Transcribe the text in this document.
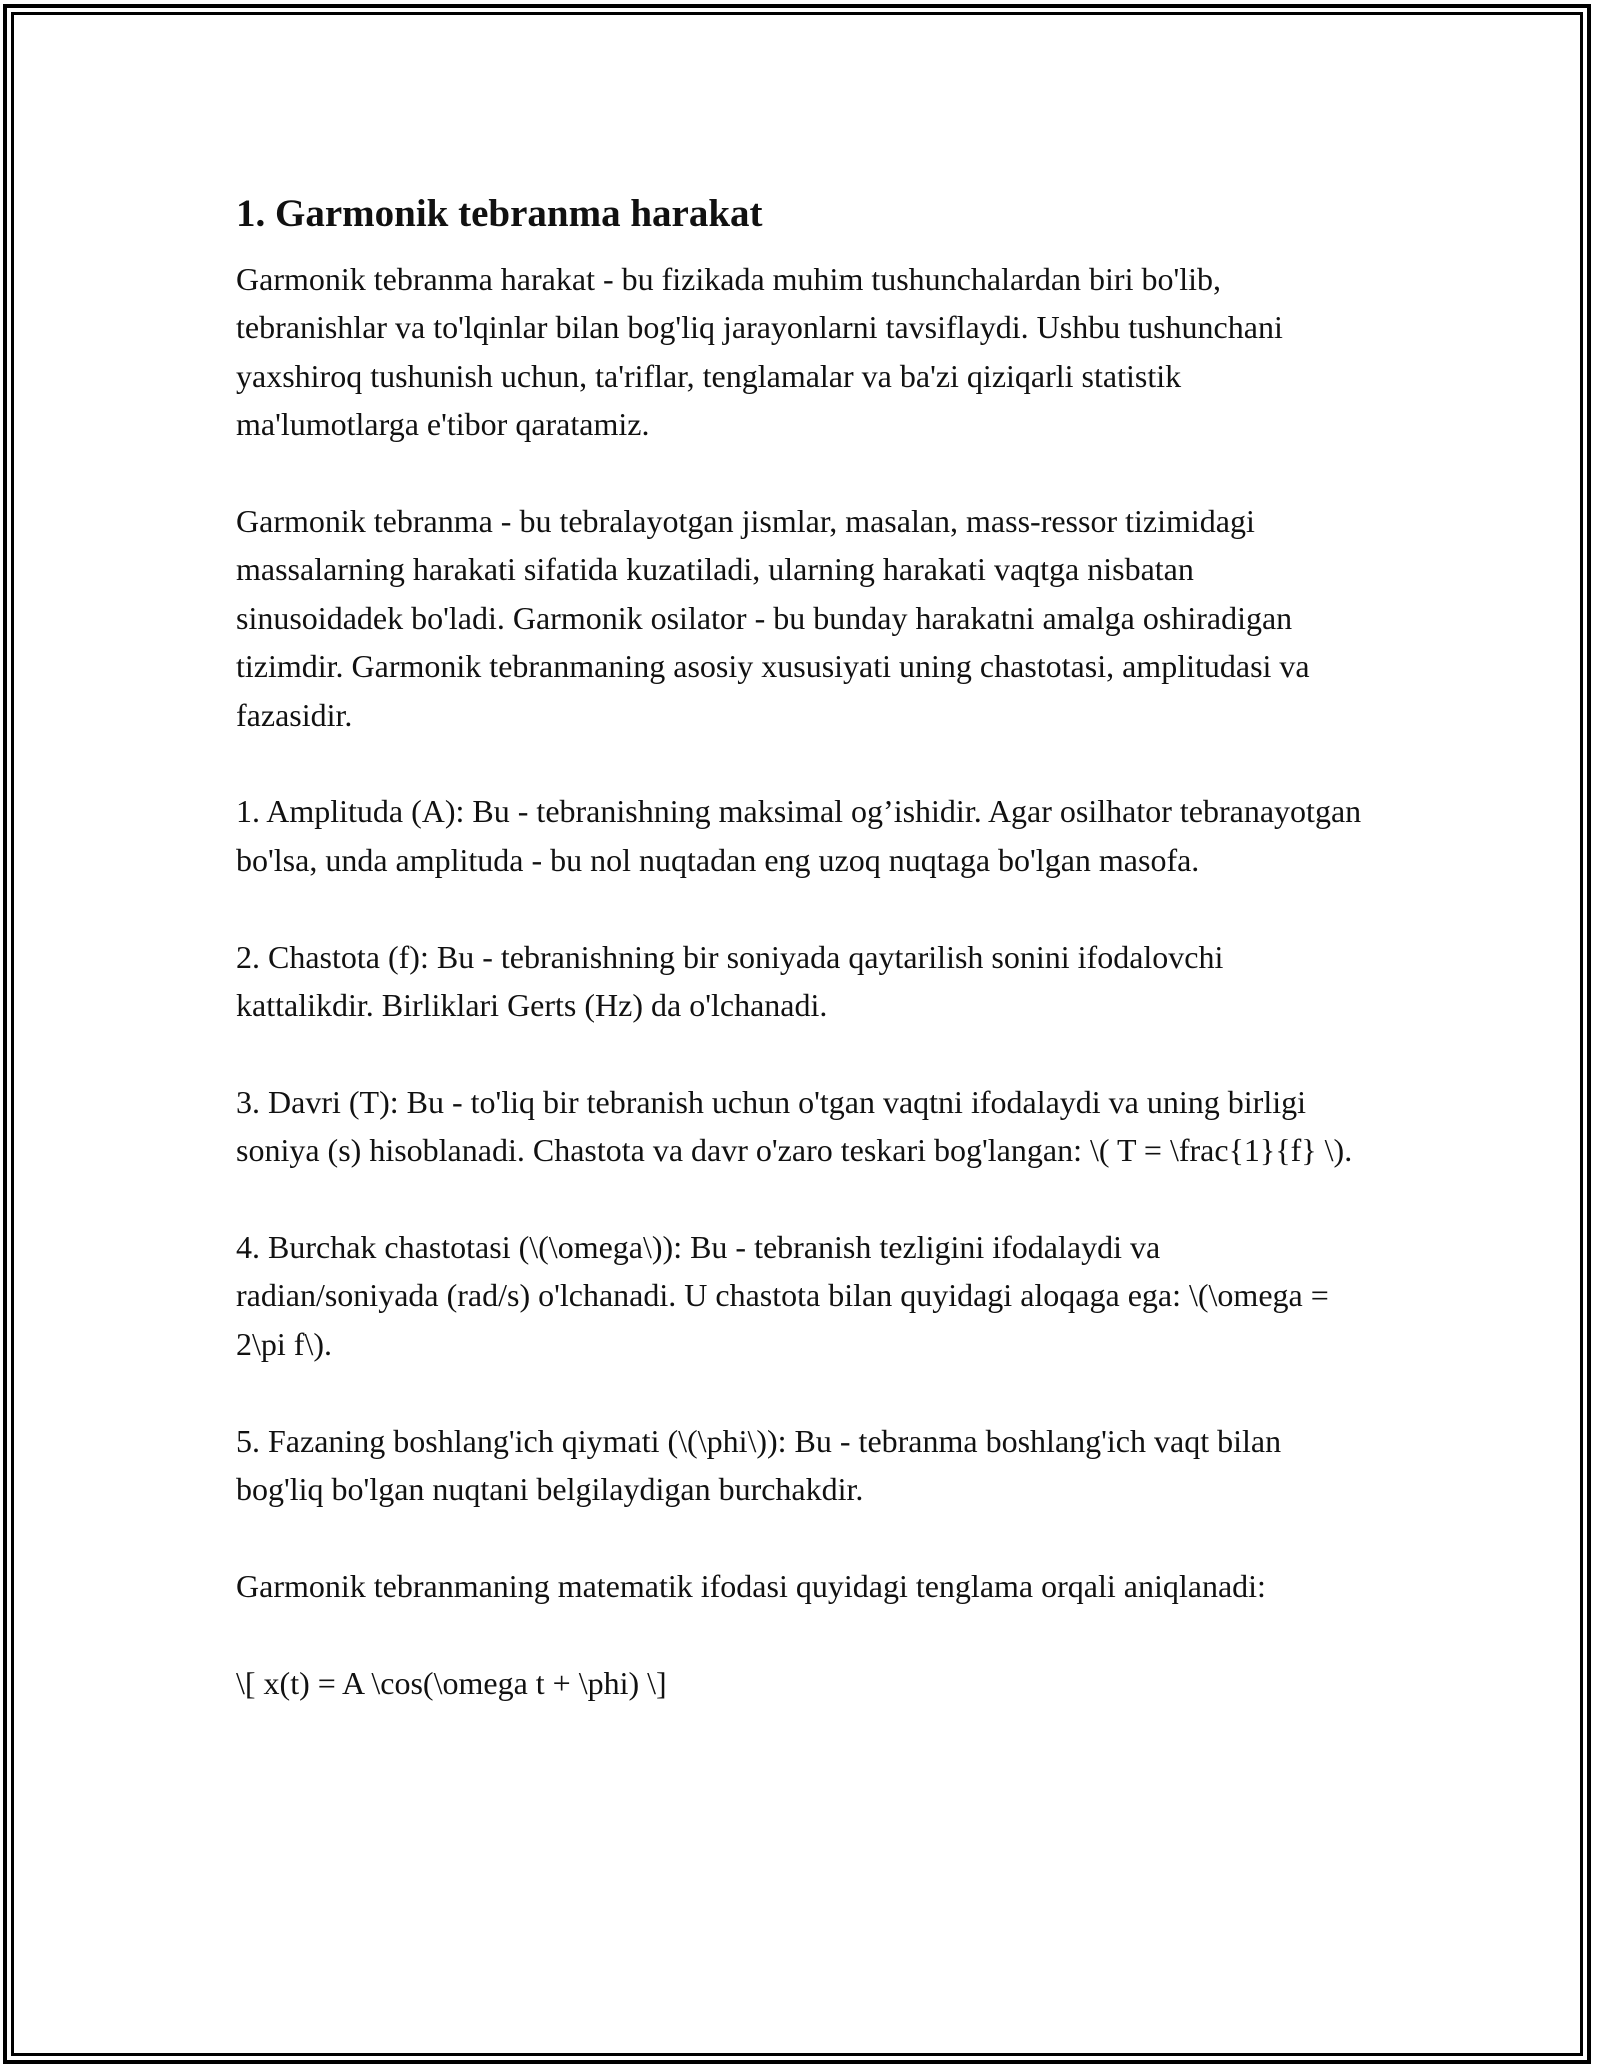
1. Garmonik tebranma harakat

Garmonik tebranma harakat - bu fizikada muhim tushunchalardan biri bo'lib, tebranishlar va to'lqinlar bilan bog'liq jarayonlarni tavsiflaydi. Ushbu tushunchani yaxshiroq tushunish uchun, ta'riflar, tenglamalar va ba'zi qiziqarli statistik ma'lumotlarga e'tibor qaratamiz.

Garmonik tebranma - bu tebralayotgan jismlar, masalan, mass-ressor tizimidagi massalarning harakati sifatida kuzatiladi, ularning harakati vaqtga nisbatan sinusoidadek bo'ladi. Garmonik osilator - bu bunday harakatni amalga oshiradigan tizimdir. Garmonik tebranmaning asosiy xususiyati uning chastotasi, amplitudasi va fazasidir.

1. Amplituda (A): Bu - tebranishning maksimal og’ishidir. Agar osilhator tebranayotgan bo'lsa, unda amplituda - bu nol nuqtadan eng uzoq nuqtaga bo'lgan masofa.

2. Chastota (f): Bu - tebranishning bir soniyada qaytarilish sonini ifodalovchi kattalikdir. Birliklari Gerts (Hz) da o'lchanadi.

3. Davri (T): Bu - to'liq bir tebranish uchun o'tgan vaqtni ifodalaydi va uning birligi soniya (s) hisoblanadi. Chastota va davr o'zaro teskari bog'langan: \( T = \frac{1}{f} \).

4. Burchak chastotasi (\(\omega\)): Bu - tebranish tezligini ifodalaydi va radian/soniyada (rad/s) o'lchanadi. U chastota bilan quyidagi aloqaga ega: \(\omega = 2\pi f\).

5. Fazaning boshlang'ich qiymati (\(\phi\)): Bu - tebranma boshlang'ich vaqt bilan bog'liq bo'lgan nuqtani belgilaydigan burchakdir.

Garmonik tebranmaning matematik ifodasi quyidagi tenglama orqali aniqlanadi:

\[ x(t) = A \cos(\omega t + \phi) \]
